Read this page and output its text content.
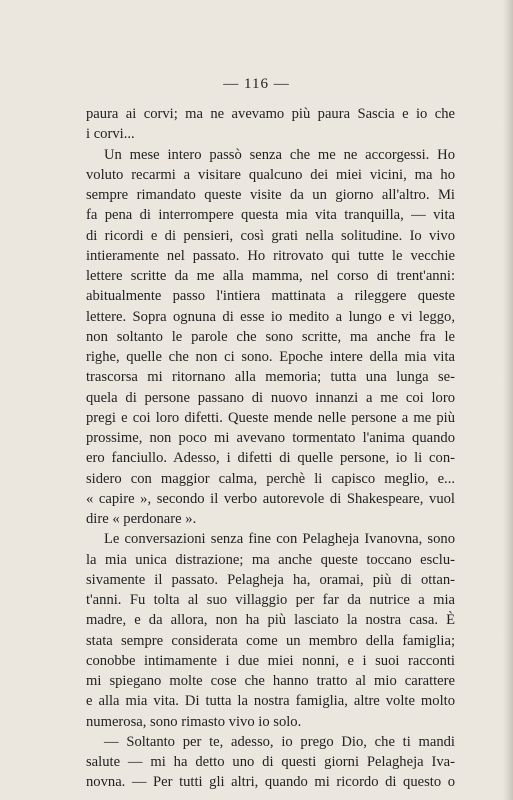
— 116 —
paura ai corvi; ma ne avevamo più paura Sascia e io che
i corvi...
Un mese intero passò senza che me ne accorgessi. Ho
voluto recarmi a visitare qualcuno dei miei vicini, ma ho
sempre rimandato queste visite da un giorno all'altro. Mi
fa pena di interrompere questa mia vita tranquilla, — vita
di ricordi e di pensieri, così grati nella solitudine. Io vivo
intieramente nel passato. Ho ritrovato qui tutte le vecchie
lettere scritte da me alla mamma, nel corso di trent'anni:
abitualmente passo l'intiera mattinata a rileggere queste
lettere. Sopra ognuna di esse io medito a lungo e vi leggo,
non soltanto le parole che sono scritte, ma anche fra le
righe, quelle che non ci sono. Epoche intere della mia vita
trascorsa mi ritornano alla memoria; tutta una lunga se-
quela di persone passano di nuovo innanzi a me coi loro
pregi e coi loro difetti. Queste mende nelle persone a me più
prossime, non poco mi avevano tormentato l'anima quando
ero fanciullo. Adesso, i difetti di quelle persone, io li con-
sidero con maggior calma, perchè li capisco meglio, e...
« capire », secondo il verbo autorevole di Shakespeare, vuol
dire « perdonare ».
Le conversazioni senza fine con Pelagheja Ivanovna, sono
la mia unica distrazione; ma anche queste toccano esclu-
sivamente il passato. Pelagheja ha, oramai, più di ottan-
t'anni. Fu tolta al suo villaggio per far da nutrice a mia
madre, e da allora, non ha più lasciato la nostra casa. È
stata sempre considerata come un membro della famiglia;
conobbe intimamente i due miei nonni, e i suoi racconti
mi spiegano molte cose che hanno tratto al mio carattere
e alla mia vita. Di tutta la nostra famiglia, altre volte molto
numerosa, sono rimasto vivo io solo.
— Soltanto per te, adesso, io prego Dio, che ti mandi
salute — mi ha detto uno di questi giorni Pelagheja Iva-
novna. — Per tutti gli altri, quando mi ricordo di questo o
